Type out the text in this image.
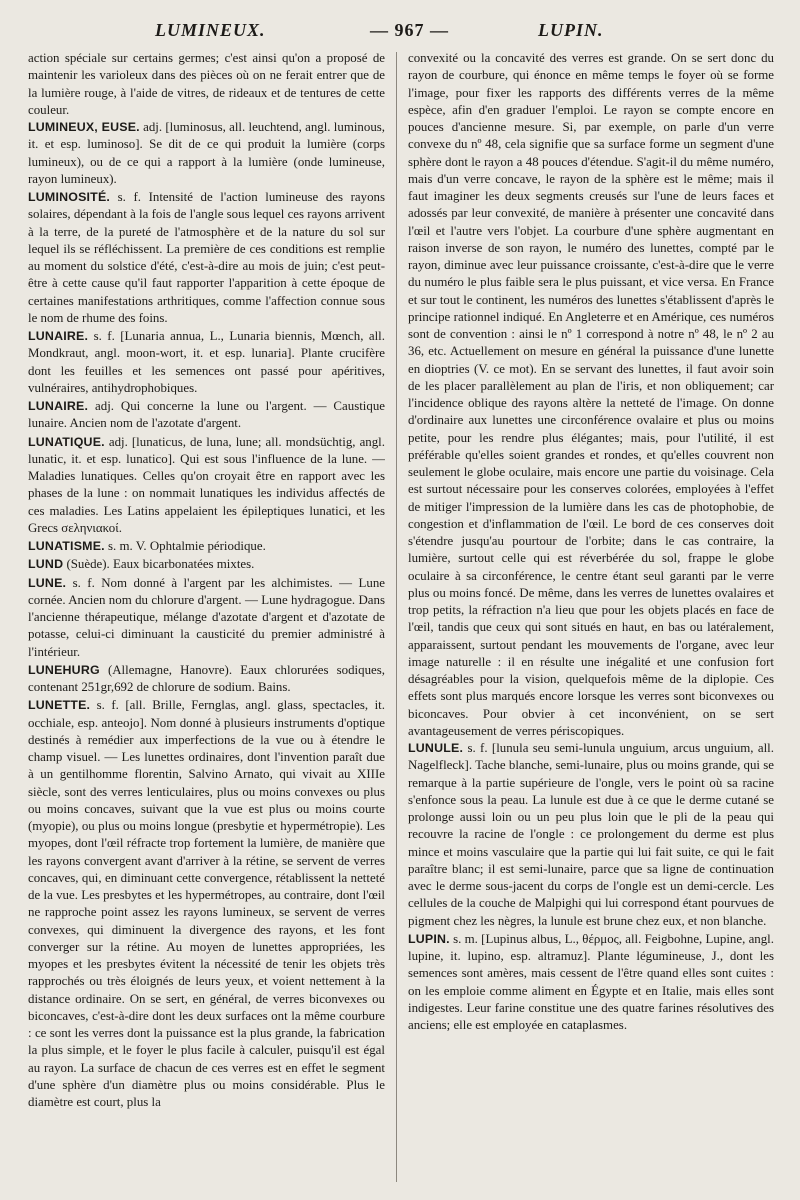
LUMINEUX.	— 967 —	LUPIN.

action spéciale sur certains germes; c'est ainsi qu'on a proposé de maintenir les varioleux dans des pièces où on ne ferait entrer que de la lumière rouge, à l'aide de vitres, de rideaux et de tentures de cette couleur.

LUMINEUX, EUSE. adj. [luminosus, all. leuchtend, angl. luminous, it. et esp. luminoso]. Se dit de ce qui produit la lumière (corps lumineux), ou de ce qui a rapport à la lumière (onde lumineuse, rayon lumineux).

LUMINOSITÉ. s. f. Intensité de l'action lumineuse des rayons solaires, dépendant à la fois de l'angle sous lequel ces rayons arrivent à la terre, de la pureté de l'atmosphère et de la nature du sol sur lequel ils se réfléchissent. La première de ces conditions est remplie au moment du solstice d'été, c'est-à-dire au mois de juin; c'est peut-être à cette cause qu'il faut rapporter l'apparition à cette époque de certaines manifestations arthritiques, comme l'affection connue sous le nom de rhume des foins.

LUNAIRE. s. f. [Lunaria annua, L., Lunaria biennis, Mœnch, all. Mondkraut, angl. moon-wort, it. et esp. lunaria]. Plante crucifère dont les feuilles et les semences ont passé pour apéritives, vulnéraires, antihydrophobiques.

LUNAIRE. adj. Qui concerne la lune ou l'argent. — Caustique lunaire. Ancien nom de l'azotate d'argent.

LUNATIQUE. adj. [lunaticus, de luna, lune; all. mondsüchtig, angl. lunatic, it. et esp. lunatico]. Qui est sous l'influence de la lune. — Maladies lunatiques. Celles qu'on croyait être en rapport avec les phases de la lune : on nommait lunatiques les individus affectés de ces maladies. Les Latins appelaient les épileptiques lunatici, et les Grecs σεληνιακοί.

LUNATISME. s. m. V. Ophtalmie périodique.

LUND (Suède). Eaux bicarbonatées mixtes.

LUNE. s. f. Nom donné à l'argent par les alchimistes. — Lune cornée. Ancien nom du chlorure d'argent. — Lune hydragogue. Dans l'ancienne thérapeutique, mélange d'azotate d'argent et d'azotate de potasse, celui-ci diminuant la causticité du premier administré à l'intérieur.

LUNEHURG (Allemagne, Hanovre). Eaux chlorurées sodiques, contenant 251gr,692 de chlorure de sodium. Bains.

LUNETTE. s. f. [all. Brille, Fernglas, angl. glass, spectacles, it. occhiale, esp. anteojo]. Nom donné à plusieurs instruments d'optique destinés à remédier aux imperfections de la vue ou à étendre le champ visuel. — Les lunettes ordinaires, dont l'invention paraît due à un gentilhomme florentin, Salvino Arnato, qui vivait au XIIIe siècle, sont des verres lenticulaires, plus ou moins convexes ou plus ou moins concaves, suivant que la vue est plus ou moins courte (myopie), ou plus ou moins longue (presbytie et hypermétropie). Les myopes, dont l'œil réfracte trop fortement la lumière, de manière que les rayons convergent avant d'arriver à la rétine, se servent de verres concaves, qui, en diminuant cette convergence, rétablissent la netteté de la vue. Les presbytes et les hypermétropes, au contraire, dont l'œil ne rapproche point assez les rayons lumineux, se servent de verres convexes, qui diminuent la divergence des rayons, et les font converger sur la rétine. Au moyen de lunettes appropriées, les myopes et les presbytes évitent la nécessité de tenir les objets très rapprochés ou très éloignés de leurs yeux, et voient nettement à la distance ordinaire. On se sert, en général, de verres biconvexes ou biconcaves, c'est-à-dire dont les deux surfaces ont la même courbure : ce sont les verres dont la puissance est la plus grande, la fabrication la plus simple, et le foyer le plus facile à calculer, puisqu'il est égal au rayon. La surface de chacun de ces verres est en effet le segment d'une sphère d'un diamètre plus ou moins considérable. Plus le diamètre est court, plus la

convexité ou la concavité des verres est grande. On se sert donc du rayon de courbure, qui énonce en même temps le foyer où se forme l'image, pour fixer les rapports des différents verres de la même espèce, afin d'en graduer l'emploi. Le rayon se compte encore en pouces d'ancienne mesure. Si, par exemple, on parle d'un verre convexe du nº 48, cela signifie que sa surface forme un segment d'une sphère dont le rayon a 48 pouces d'étendue. S'agit-il du même numéro, mais d'un verre concave, le rayon de la sphère est le même; mais il faut imaginer les deux segments creusés sur l'une de leurs faces et adossés par leur convexité, de manière à présenter une concavité dans l'œil et l'autre vers l'objet. La courbure d'une sphère augmentant en raison inverse de son rayon, le numéro des lunettes, compté par le rayon, diminue avec leur puissance croissante, c'est-à-dire que le verre du numéro le plus faible sera le plus puissant, et vice versa. En France et sur tout le continent, les numéros des lunettes s'établissent d'après le principe rationnel indiqué. En Angleterre et en Amérique, ces numéros sont de convention : ainsi le nº 1 correspond à notre nº 48, le nº 2 au 36, etc. Actuellement on mesure en général la puissance d'une lunette en dioptries (V. ce mot). En se servant des lunettes, il faut avoir soin de les placer parallèlement au plan de l'iris, et non obliquement; car l'incidence oblique des rayons altère la netteté de l'image. On donne d'ordinaire aux lunettes une circonférence ovalaire et plus ou moins petite, pour les rendre plus élégantes; mais, pour l'utilité, il est préférable qu'elles soient grandes et rondes, et qu'elles couvrent non seulement le globe oculaire, mais encore une partie du voisinage. Cela est surtout nécessaire pour les conserves colorées, employées à l'effet de mitiger l'impression de la lumière dans les cas de photophobie, de congestion et d'inflammation de l'œil. Le bord de ces conserves doit s'étendre jusqu'au pourtour de l'orbite; dans le cas contraire, la lumière, surtout celle qui est réverbérée du sol, frappe le globe oculaire à sa circonférence, le centre étant seul garanti par le verre plus ou moins foncé. De même, dans les verres de lunettes ovalaires et trop petits, la réfraction n'a lieu que pour les objets placés en face de l'œil, tandis que ceux qui sont situés en haut, en bas ou latéralement, apparaissent, surtout pendant les mouvements de l'organe, avec leur image naturelle : il en résulte une inégalité et une confusion fort désagréables pour la vision, quelquefois même de la diplopie. Ces effets sont plus marqués encore lorsque les verres sont biconvexes ou biconcaves. Pour obvier à cet inconvénient, on se sert avantageusement de verres périscopiques.

LUNULE. s. f. [lunula seu semi-lunula unguium, arcus unguium, all. Nagelfleck]. Tache blanche, semi-lunaire, plus ou moins grande, qui se remarque à la partie supérieure de l'ongle, vers le point où sa racine s'enfonce sous la peau. La lunule est due à ce que le derme cutané se prolonge aussi loin ou un peu plus loin que le pli de la peau qui recouvre la racine de l'ongle : ce prolongement du derme est plus mince et moins vasculaire que la partie qui lui fait suite, ce qui le fait paraître blanc; il est semi-lunaire, parce que sa ligne de continuation avec le derme sous-jacent du corps de l'ongle est un demi-cercle. Les cellules de la couche de Malpighi qui lui correspond étant pourvues de pigment chez les nègres, la lunule est brune chez eux, et non blanche.

LUPIN. s. m. [Lupinus albus, L., θέρμος, all. Feigbohne, Lupine, angl. lupine, it. lupino, esp. altramuz]. Plante légumineuse, J., dont les semences sont amères, mais cessent de l'être quand elles sont cuites : on les emploie comme aliment en Égypte et en Italie, mais elles sont indigestes. Leur farine constitue une des quatre farines résolutives des anciens; elle est employée en cataplasmes.
